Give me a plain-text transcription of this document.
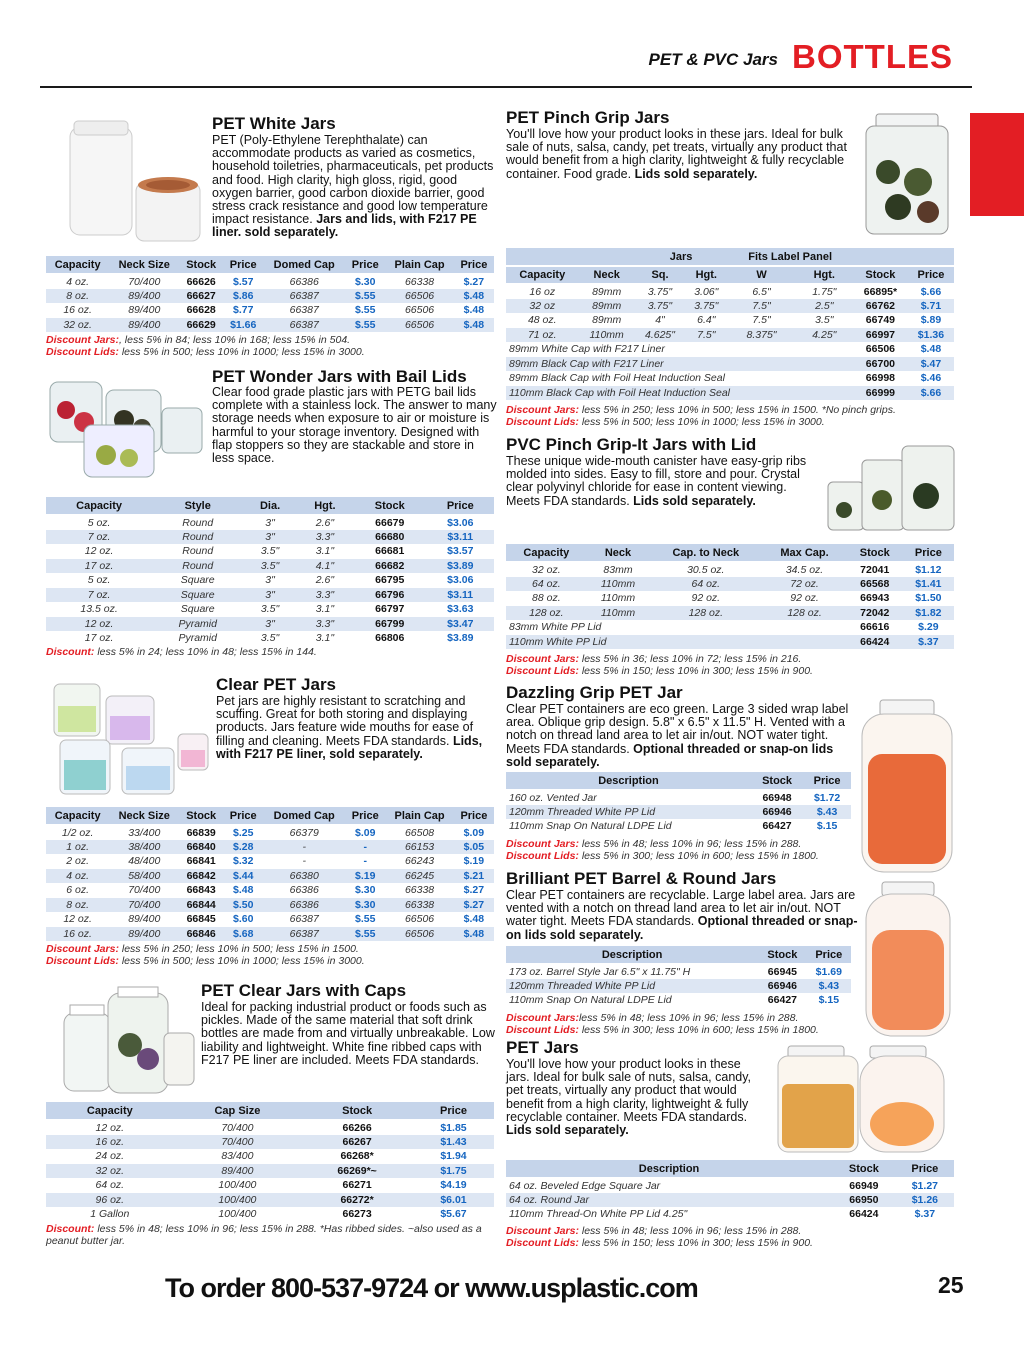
PET & PVC Jars BOTTLES
PET White Jars
PET (Poly-Ethylene Terephthalate) can accommodate products as varied as cosmetics, household toiletries, pharmaceuticals, pet products and food. High clarity, high gloss, rigid, good oxygen barrier, good carbon dioxide barrier, good stress crack resistance and good low temperature impact resistance. Jars and lids, with F217 PE liner. sold separately.
Capacity	Neck Size	Stock	Price	Domed Cap	Price	Plain Cap	Price
4 oz.	70/400	66626	$.57	66386	$.30	66338	$.27
8 oz.	89/400	66627	$.86	66387	$.55	66506	$.48
16 oz.	89/400	66628	$.77	66387	$.55	66506	$.48
32 oz.	89/400	66629	$1.66	66387	$.55	66506	$.48
Discount Jars:, less 5% in 84; less 10% in 168; less 15% in 504.
Discount Lids: less 5% in 500; less 10% in 1000; less 15% in 3000.
PET Wonder Jars with Bail Lids
Clear food grade plastic jars with PETG bail lids complete with a stainless lock. The answer to many storage needs when exposure to air or moisture is harmful to your storage inventory. Designed with flap stoppers so they are stackable and store in less space.
Capacity	Style	Dia.	Hgt.	Stock	Price
5 oz.	Round	3"	2.6"	66679	$3.06
7 oz.	Round	3"	3.3"	66680	$3.11
12 oz.	Round	3.5"	3.1"	66681	$3.57
17 oz.	Round	3.5"	4.1"	66682	$3.89
5 oz.	Square	3"	2.6"	66795	$3.06
7 oz.	Square	3"	3.3"	66796	$3.11
13.5 oz.	Square	3.5"	3.1"	66797	$3.63
12 oz.	Pyramid	3"	3.3"	66799	$3.47
17 oz.	Pyramid	3.5"	3.1"	66806	$3.89
Discount: less 5% in 24; less 10% in 48; less 15% in 144.
Clear PET Jars
Pet jars are highly resistant to scratching and scuffing. Great for both storing and displaying products. Jars feature wide mouths for ease of filling and cleaning. Meets FDA standards. Lids, with F217 PE liner, sold separately.
Capacity	Neck Size	Stock	Price	Domed Cap	Price	Plain Cap	Price
1/2 oz.	33/400	66839	$.25	66379	$.09	66508	$.09
1 oz.	38/400	66840	$.28	-	-	66153	$.05
2 oz.	48/400	66841	$.32	-	-	66243	$.19
4 oz.	58/400	66842	$.44	66380	$.19	66245	$.21
6 oz.	70/400	66843	$.48	66386	$.30	66338	$.27
8 oz.	70/400	66844	$.50	66386	$.30	66338	$.27
12 oz.	89/400	66845	$.60	66387	$.55	66506	$.48
16 oz.	89/400	66846	$.68	66387	$.55	66506	$.48
Discount Jars: less 5% in 250; less 10% in 500; less 15% in 1500.
Discount Lids: less 5% in 500; less 10% in 1000; less 15% in 3000.
PET Clear Jars with Caps
Ideal for packing industrial product or foods such as pickles. Made of the same material that soft drink bottles are made from and virtually unbreakable. Low liability and lightweight. White fine ribbed caps with F217 PE liner are included. Meets FDA standards.
Capacity	Cap Size	Stock	Price
12 oz.	70/400	66266	$1.85
16 oz.	70/400	66267	$1.43
24 oz.	83/400	66268*	$1.94
32 oz.	89/400	66269*~	$1.75
64 oz.	100/400	66271	$4.19
96 oz.	100/400	66272*	$6.01
1 Gallon	100/400	66273	$5.67
Discount: less 5% in 48; less 10% in 96; less 15% in 288. *Has ribbed sides. ~also used as a peanut butter jar.
PET Pinch Grip Jars
You'll love how your product looks in these jars. Ideal for bulk sale of nuts, salsa, candy, pet treats, virtually any product that would benefit from a high clarity, lightweight & fully recyclable container. Food grade. Lids sold separately.
		Jars		Fits Label Panel			
Capacity	Neck	Sq.	Hgt.	W	Hgt.	Stock	Price
16 oz	89mm	3.75"	3.06"	6.5"	1.75"	66895*	$.66
32 oz	89mm	3.75"	3.75"	7.5"	2.5"	66762	$.71
48 oz.	89mm	4"	6.4"	7.5"	3.5"	66749	$.89
71 oz.	110mm	4.625"	7.5"	8.375"	4.25"	66997	$1.36
89mm White Cap with F217 Liner						66506	$.48
89mm Black Cap with F217 Liner						66700	$.47
89mm Black Cap with Foil Heat Induction Seal						66998	$.46
110mm Black Cap with Foil Heat Induction Seal						66999	$.66
Discount Jars: less 5% in 250; less 10% in 500; less 15% in 1500. *No pinch grips.
Discount Lids: less 5% in 500; less 10% in 1000; less 15% in 3000.
PVC Pinch Grip-It Jars with Lid
These unique wide-mouth canister have easy-grip ribs molded into sides. Easy to fill, store and pour. Crystal clear polyvinyl chloride for ease in content viewing. Meets FDA standards. Lids sold separately.
Capacity	Neck	Cap. to Neck	Max Cap.	Stock	Price
32 oz.	83mm	30.5 oz.	34.5 oz.	72041	$1.12
64 oz.	110mm	64 oz.	72 oz.	66568	$1.41
88 oz.	110mm	92 oz.	92 oz.	66943	$1.50
128 oz.	110mm	128 oz.	128 oz.	72042	$1.82
83mm White PP Lid				66616	$.29
110mm White PP Lid				66424	$.37
Discount Jars: less 5% in 36; less 10% in 72; less 15% in 216.
Discount Lids: less 5% in 150; less 10% in 300; less 15% in 900.
Dazzling Grip PET Jar
Clear PET containers are eco green. Large 3 sided wrap label area. Oblique grip design. 5.8" x 6.5" x 11.5" H. Vented with a notch on thread land area to let air in/out. NOT water tight. Meets FDA standards. Optional threaded or snap-on lids sold separately.
Description	Stock	Price
160 oz. Vented Jar	66948	$1.72
120mm Threaded White PP Lid	66946	$.43
110mm Snap On Natural LDPE Lid	66427	$.15
Discount Jars: less 5% in 48; less 10% in 96; less 15% in 288.
Discount Lids: less 5% in 300; less 10% in 600; less 15% in 1800.
Brilliant PET Barrel & Round Jars
Clear PET containers are recyclable. Large label area. Jars are vented with a notch on thread land area to let air in/out. NOT water tight. Meets FDA standards. Optional threaded or snap-on lids sold separately.
Description	Stock	Price
173 oz. Barrel Style Jar 6.5" x 11.75" H	66945	$1.69
120mm Threaded White PP Lid	66946	$.43
110mm Snap On Natural LDPE Lid	66427	$.15
Discount Jars:less 5% in 48; less 10% in 96; less 15% in 288.
Discount Lids: less 5% in 300; less 10% in 600; less 15% in 1800.
PET Jars
You'll love how your product looks in these jars. Ideal for bulk sale of nuts, salsa, candy, pet treats, virtually any product that would benefit from a high clarity, lightweight & fully recyclable container. Meets FDA standards. Lids sold separately.
Description	Stock	Price
64 oz. Beveled Edge Square Jar	66949	$1.27
64 oz. Round Jar	66950	$1.26
110mm Thread-On White PP Lid 4.25"	66424	$.37
Discount Jars: less 5% in 48; less 10% in 96; less 15% in 288.
Discount Lids: less 5% in 150; less 10% in 300; less 15% in 900.
To order 800-537-9724 or www.usplastic.com	25
